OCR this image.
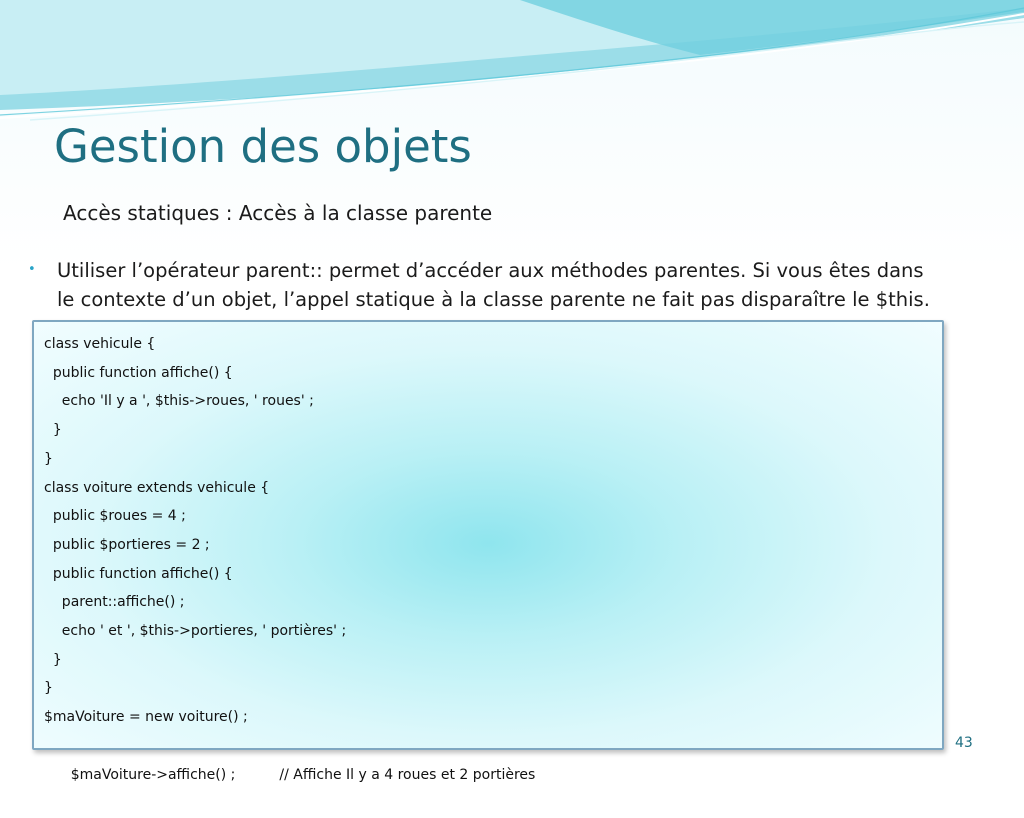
Gestion des objets
Accès statiques : Accès à la classe parente
•	Utiliser l’opérateur parent:: permet d’accéder aux méthodes parentes. Si vous êtes dans
le contexte d’un objet, l’appel statique à la classe parente ne fait pas disparaître le $this.
class vehicule {
public function affiche() {
echo 'Il y a ', $this->roues, ' roues' ;
}
}
class voiture extends vehicule {
public $roues = 4 ;
public $portieres = 2 ;
public function affiche() {
parent::affiche() ;
echo ' et ', $this->portieres, ' portières' ;
}
}
$maVoiture = new voiture() ;

$maVoiture->affiche() ;	// Affiche Il y a 4 roues et 2 portières

43
